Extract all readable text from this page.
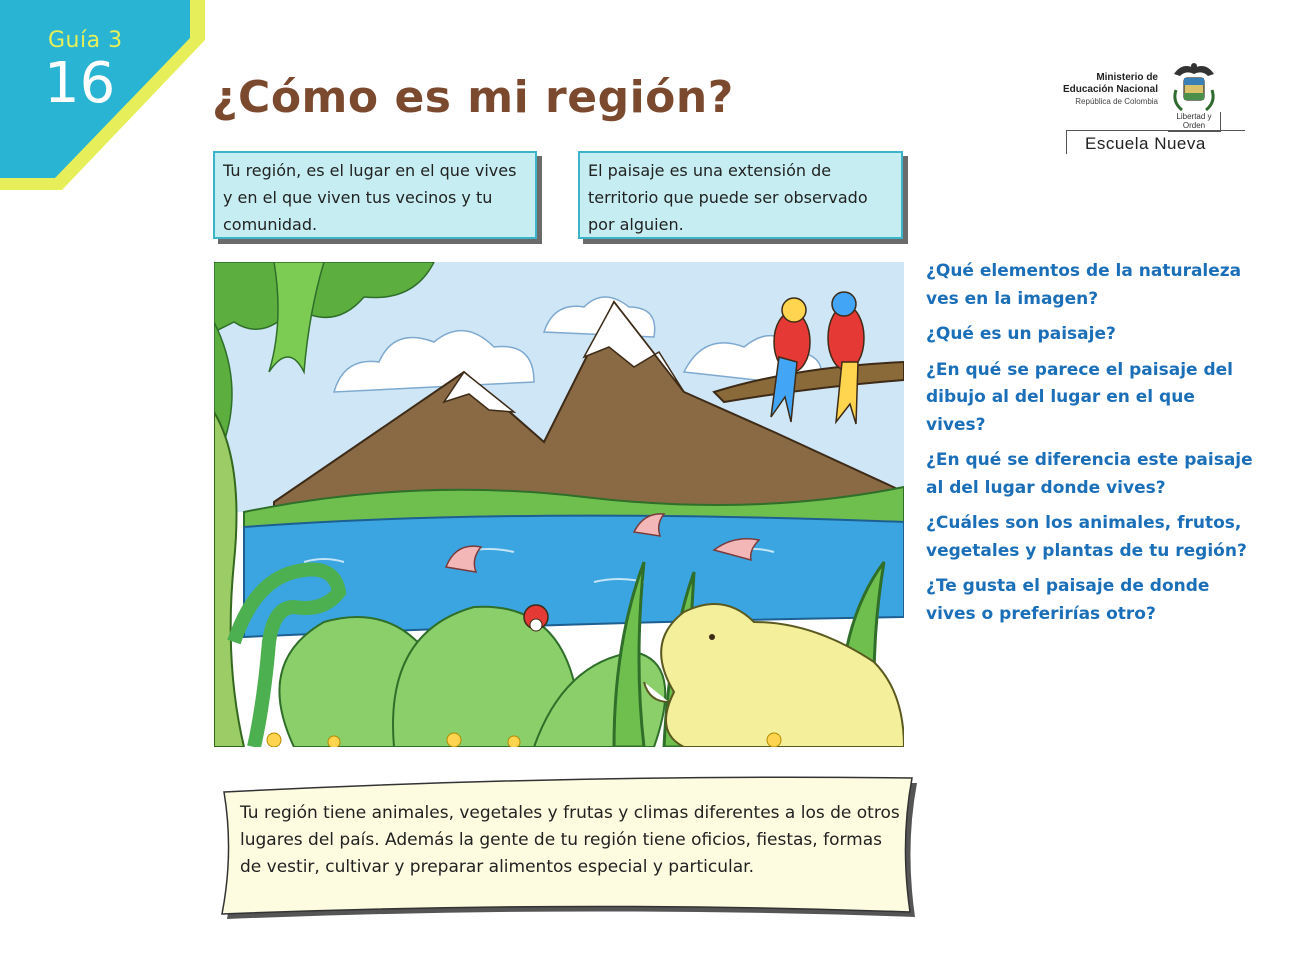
Guía 3
16 ¿Cómo es mi región?	Ministerio de
Educación Nacional
República de Colombia
Libertad y Orden
Escuela Nueva
Tu región, es el lugar en el que vives y en el que viven tus vecinos y tu comunidad.
El paisaje es una extensión de territorio que puede ser observado por alguien.
¿Qué elementos de la naturaleza ves en la imagen?
¿Qué es un paisaje?
¿En qué se parece el paisaje del dibujo al del lugar en el que vives?
¿En qué se diferencia este paisaje al del lugar donde vives?
¿Cuáles son los animales, frutos, vegetales y plantas de tu región?
¿Te gusta el paisaje de donde vives o preferirías otro?

Tu región tiene animales, vegetales y frutas y climas diferentes a los de otros lugares del país. Además la gente de tu región tiene oficios, fiestas, formas de vestir, cultivar y preparar alimentos especial y particular.
